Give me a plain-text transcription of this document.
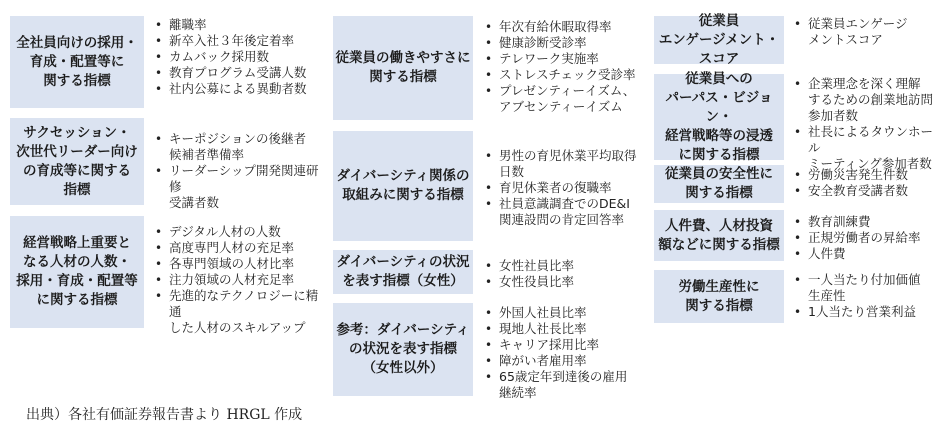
全社員向けの採用・
育成・配置等に
関する指標
• 離職率
• 新卒入社３年後定着率
• カムバック採用数
• 教育プログラム受講人数
• 社内公募による異動者数
サクセッション・
次世代リーダー向け
の育成等に関する
指標
• キーポジションの後継者
候補者準備率
• リーダーシップ開発関連研修
受講者数
経営戦略上重要と
なる人材の人数・
採用・育成・配置等
に関する指標
• デジタル人材の人数
• 高度専門人材の充足率
• 各専門領域の人材比率
• 注力領域の人材充足率
• 先進的なテクノロジーに精通
した人材のスキルアップ
従業員の働きやすさに
関する指標
• 年次有給休暇取得率
• 健康診断受診率
• テレワーク実施率
• ストレスチェック受診率
• プレゼンティーイズム、
アブセンティーイズム
ダイバーシティ関係の
取組みに関する指標
• 男性の育児休業平均取得
日数
• 育児休業者の復職率
• 社員意識調査でのDE&I
関連設問の肯定回答率
ダイバーシティの状況
を表す指標（女性）
• 女性社員比率
• 女性役員比率
参考：ダイバーシティ
の状況を表す指標
（女性以外）
• 外国人社員比率
• 現地人社長比率
• キャリア採用比率
• 障がい者雇用率
• 65歳定年到達後の雇用
継続率
従業員
エンゲージメント・
スコア
• 従業員エンゲージ
メントスコア
従業員への
パーパス・ビジョン・
経営戦略等の浸透
に関する指標
• 企業理念を深く理解
するための創業地訪問
参加者数
• 社長によるタウンホール
ミーティング参加者数
従業員の安全性に
関する指標
• 労働災害発生件数
• 安全教育受講者数
人件費、人材投資
額などに関する指標
• 教育訓練費
• 正規労働者の昇給率
• 人件費
労働生産性に
関する指標
• 一人当たり付加価値
生産性
• 1人当たり営業利益
出典）各社有価証券報告書より HRGL 作成
